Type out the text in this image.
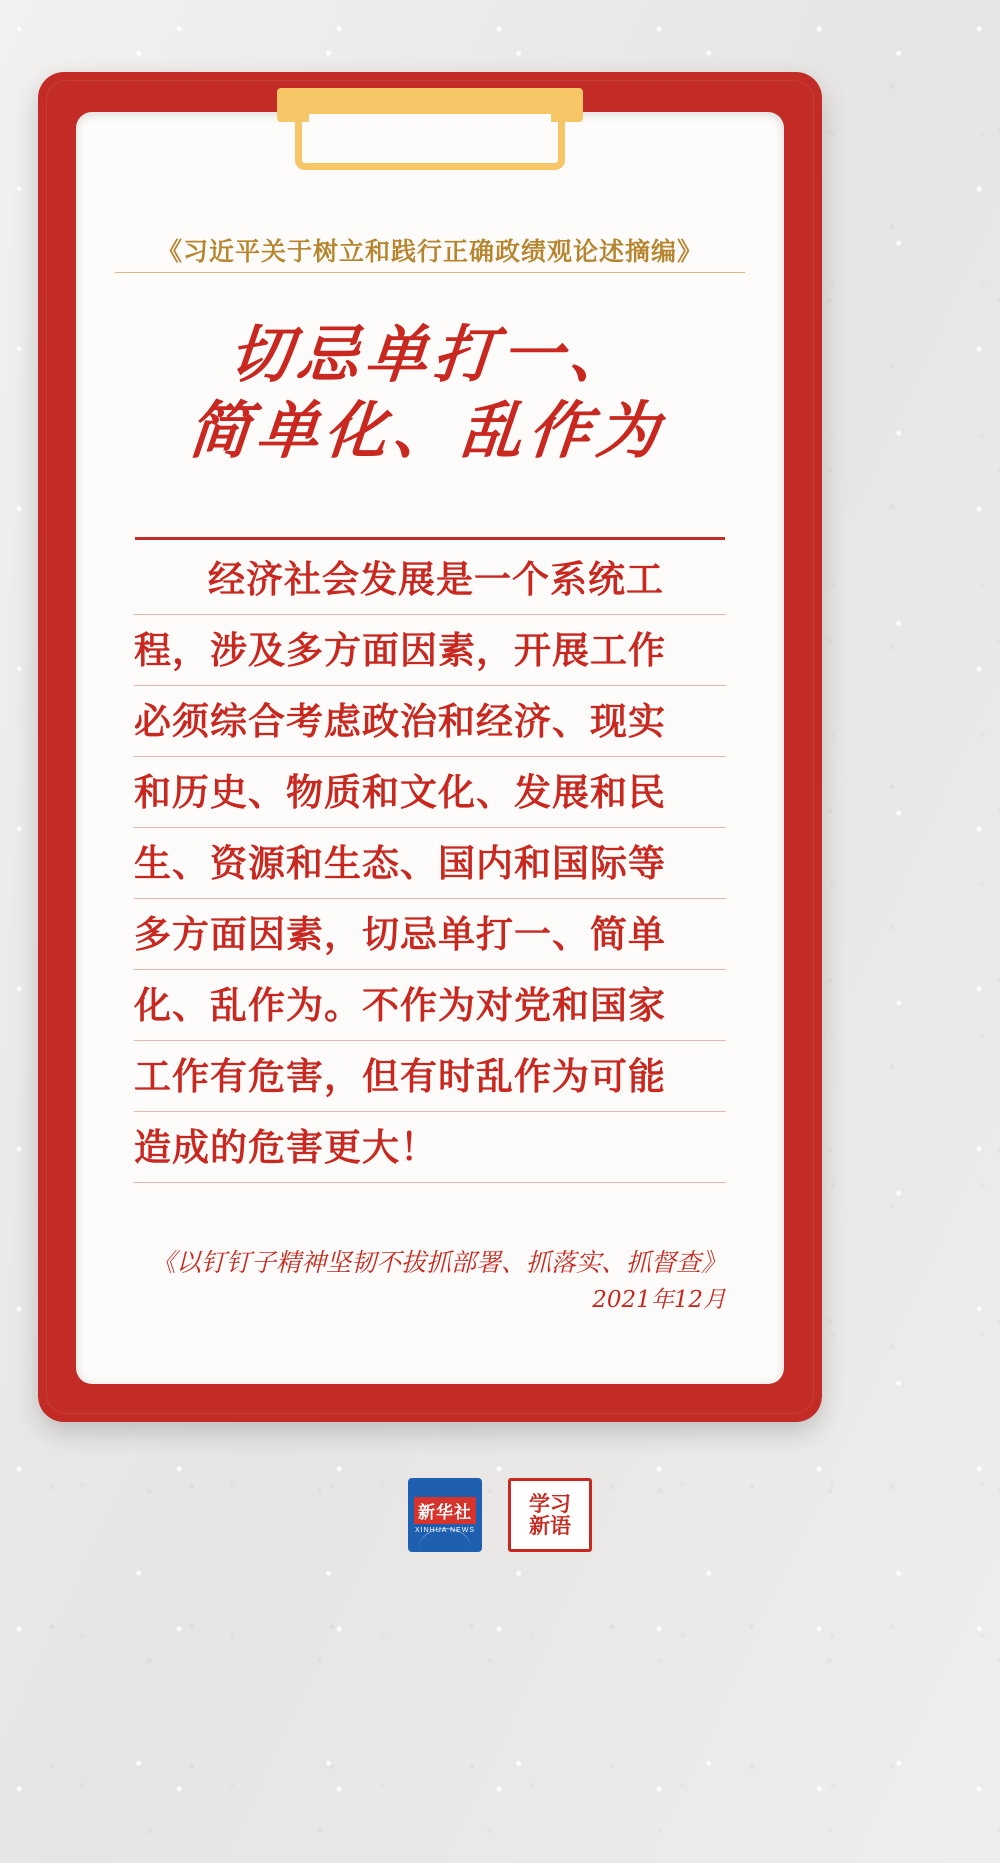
《习近平关于树立和践行正确政绩观论述摘编》
切忌单打一、
简单化、乱作为
经济社会发展是一个系统工
程，涉及多方面因素，开展工作
必须综合考虑政治和经济、现实
和历史、物质和文化、发展和民
生、资源和生态、国内和国际等
多方面因素，切忌单打一、简单
化、乱作为。不作为对党和国家
工作有危害，但有时乱作为可能
造成的危害更大！
《以钉钉子精神坚韧不拔抓部署、抓落实、抓督查》
2021年12月
新华社
XINHUA NEWS
学习
新语
